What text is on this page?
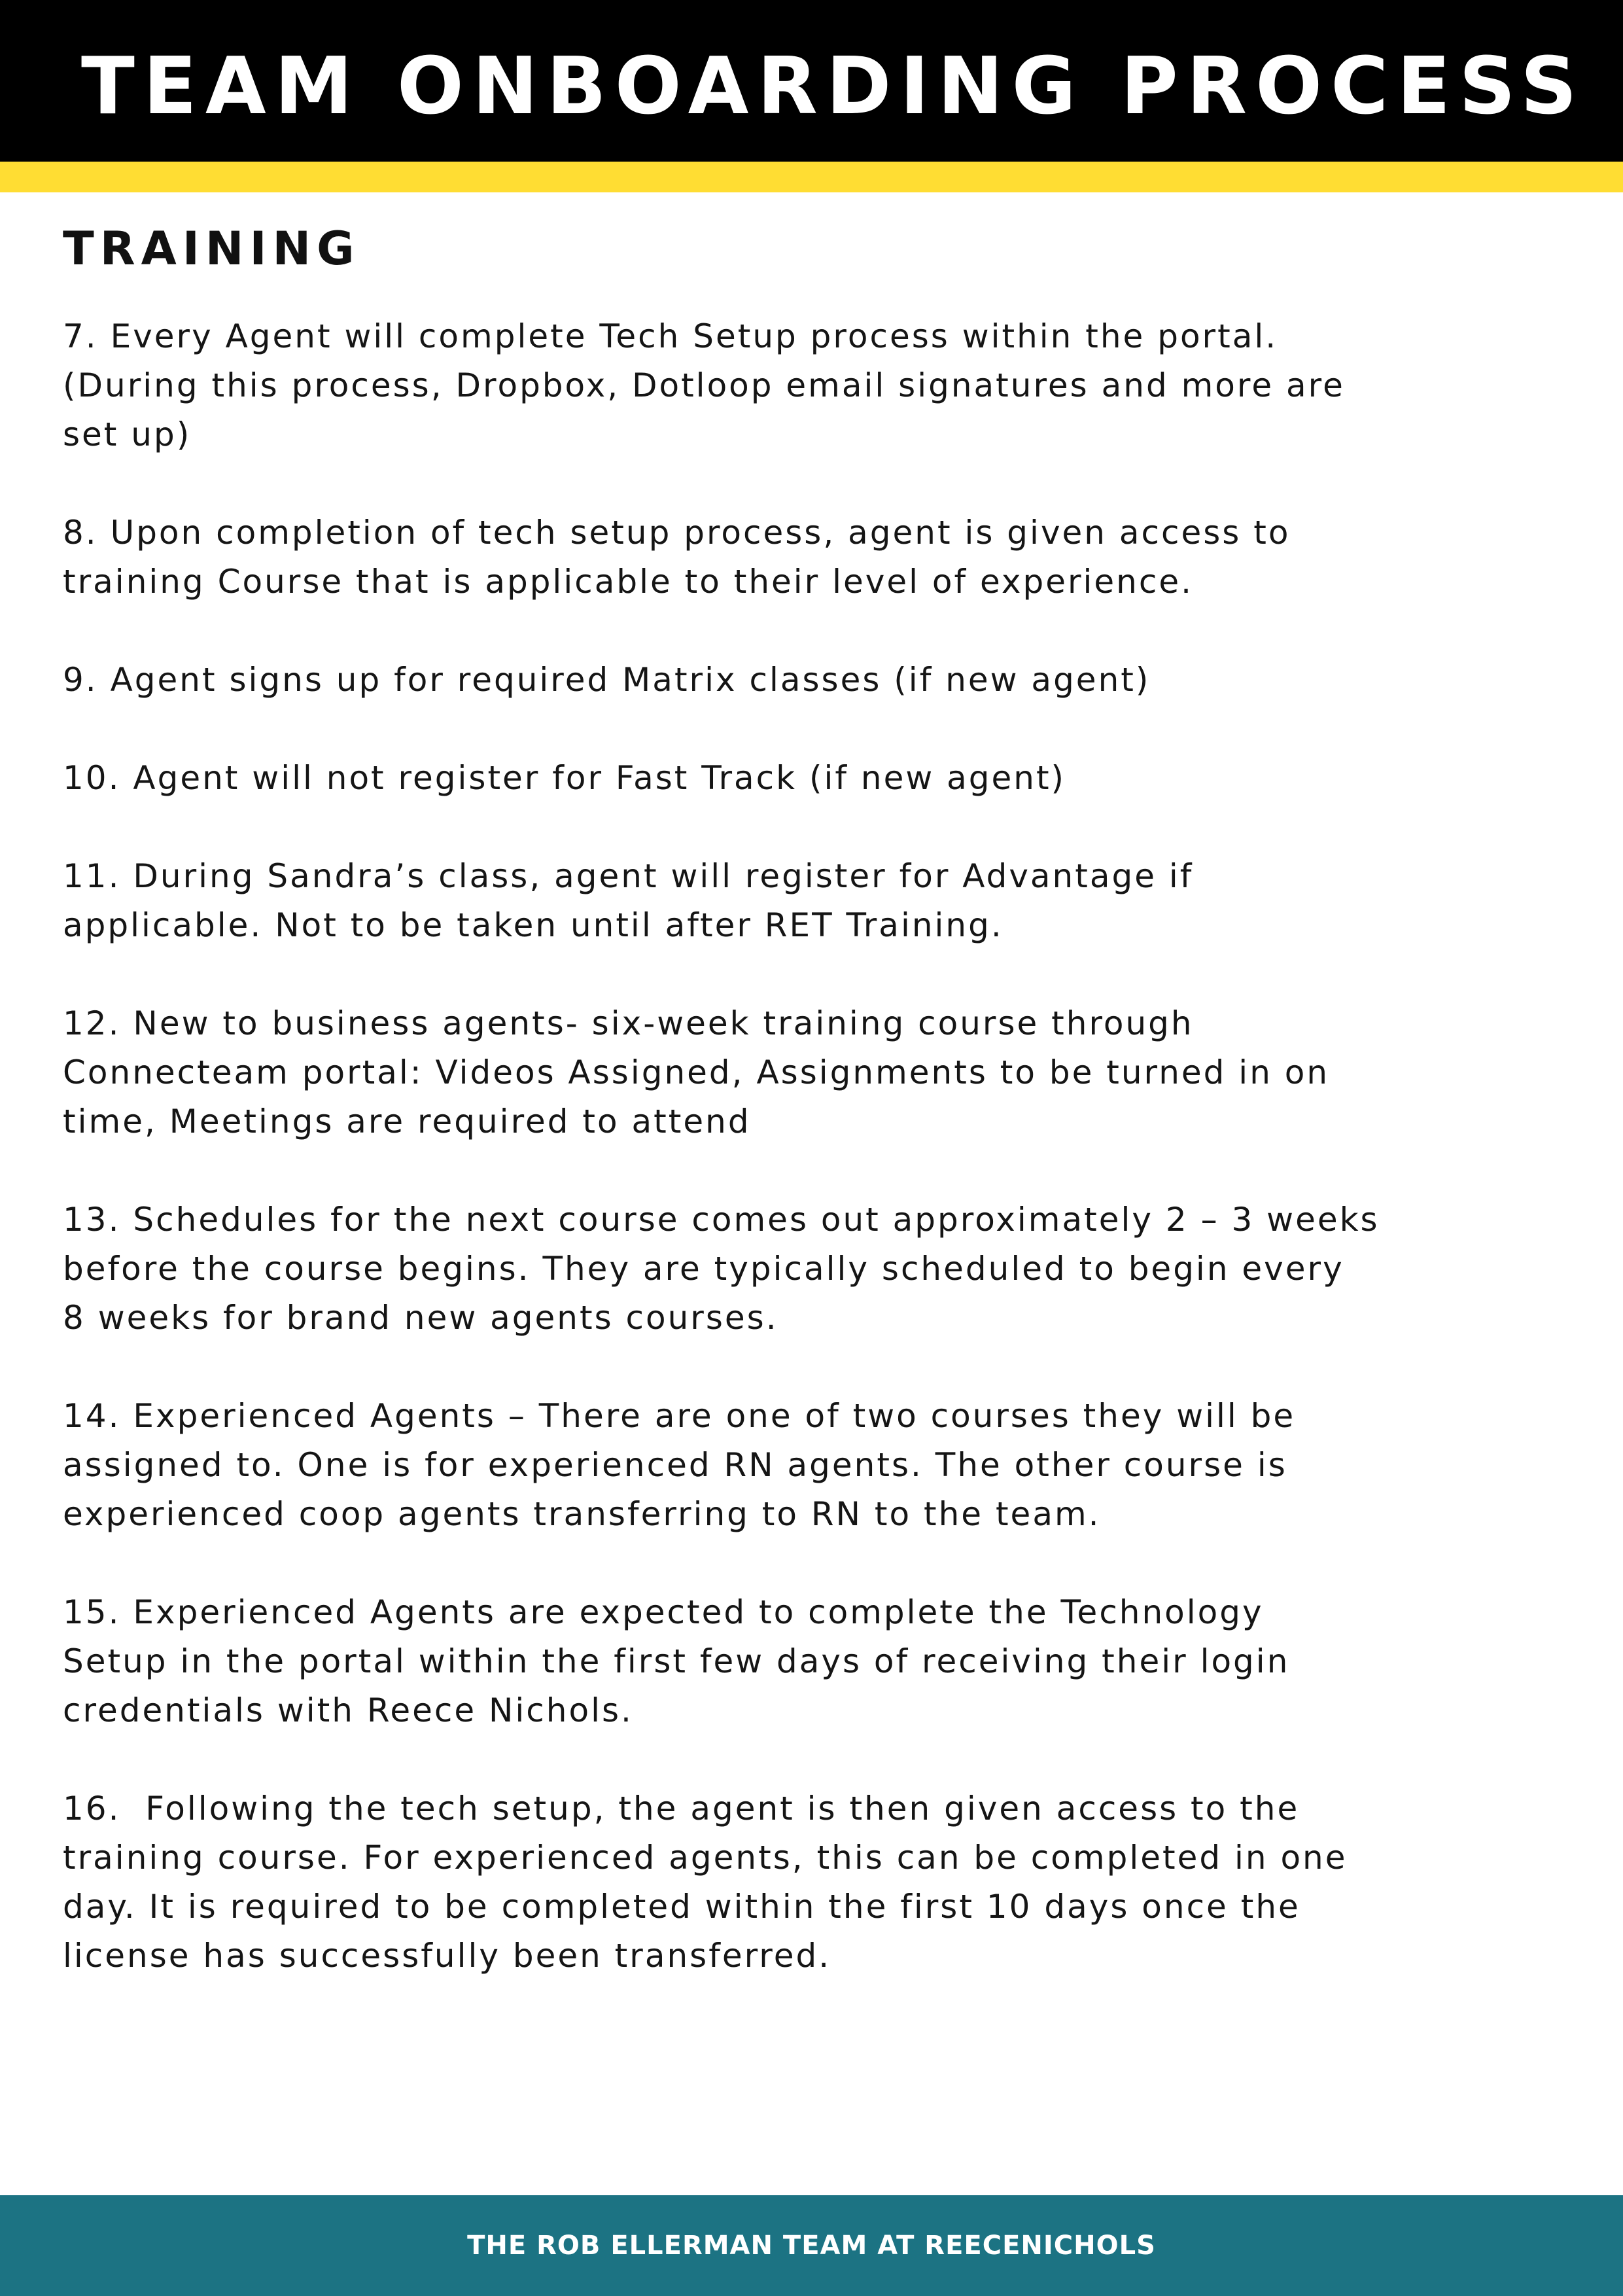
TEAM ONBOARDING PROCESS
TRAINING
7. Every Agent will complete Tech Setup process within the portal.
(During this process, Dropbox, Dotloop email signatures and more are
set up)
8. Upon completion of tech setup process, agent is given access to
training Course that is applicable to their level of experience.
9. Agent signs up for required Matrix classes (if new agent)
10. Agent will not register for Fast Track (if new agent)
11. During Sandra’s class, agent will register for Advantage if
applicable. Not to be taken until after RET Training.
12. New to business agents- six-week training course through
Connecteam portal: Videos Assigned, Assignments to be turned in on
time, Meetings are required to attend
13. Schedules for the next course comes out approximately 2 – 3 weeks
before the course begins. They are typically scheduled to begin every
8 weeks for brand new agents courses.
14. Experienced Agents – There are one of two courses they will be
assigned to. One is for experienced RN agents. The other course is
experienced coop agents transferring to RN to the team.
15. Experienced Agents are expected to complete the Technology
Setup in the portal within the first few days of receiving their login
credentials with Reece Nichols.
16.  Following the tech setup, the agent is then given access to the
training course. For experienced agents, this can be completed in one
day. It is required to be completed within the first 10 days once the
license has successfully been transferred.
THE ROB ELLERMAN TEAM AT REECENICHOLS
